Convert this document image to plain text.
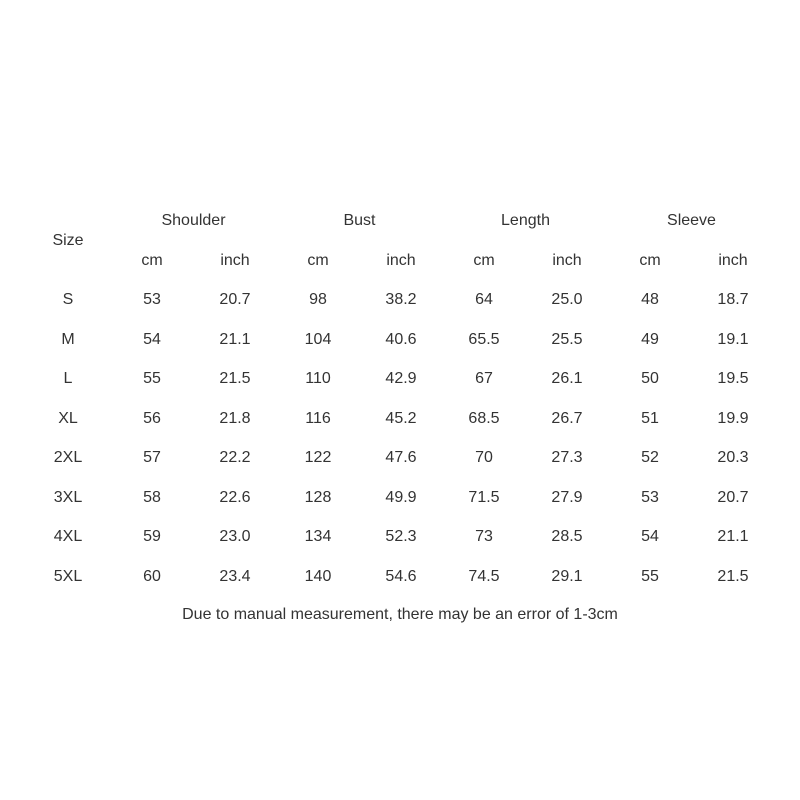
Size
Shoulder
cm	inch
Bust
cm	inch
Length
cm	inch
Sleeve
cm	inch
S	53	20.7	98	38.2	64	25.0	48	18.7
M	54	21.1	104	40.6	65.5	25.5	49	19.1
L	55	21.5	110	42.9	67	26.1	50	19.5
XL	56	21.8	116	45.2	68.5	26.7	51	19.9
2XL	57	22.2	122	47.6	70	27.3	52	20.3
3XL	58	22.6	128	49.9	71.5	27.9	53	20.7
4XL	59	23.0	134	52.3	73	28.5	54	21.1
5XL	60	23.4	140	54.6	74.5	29.1	55	21.5
Due to manual measurement, there may be an error of 1-3cm
